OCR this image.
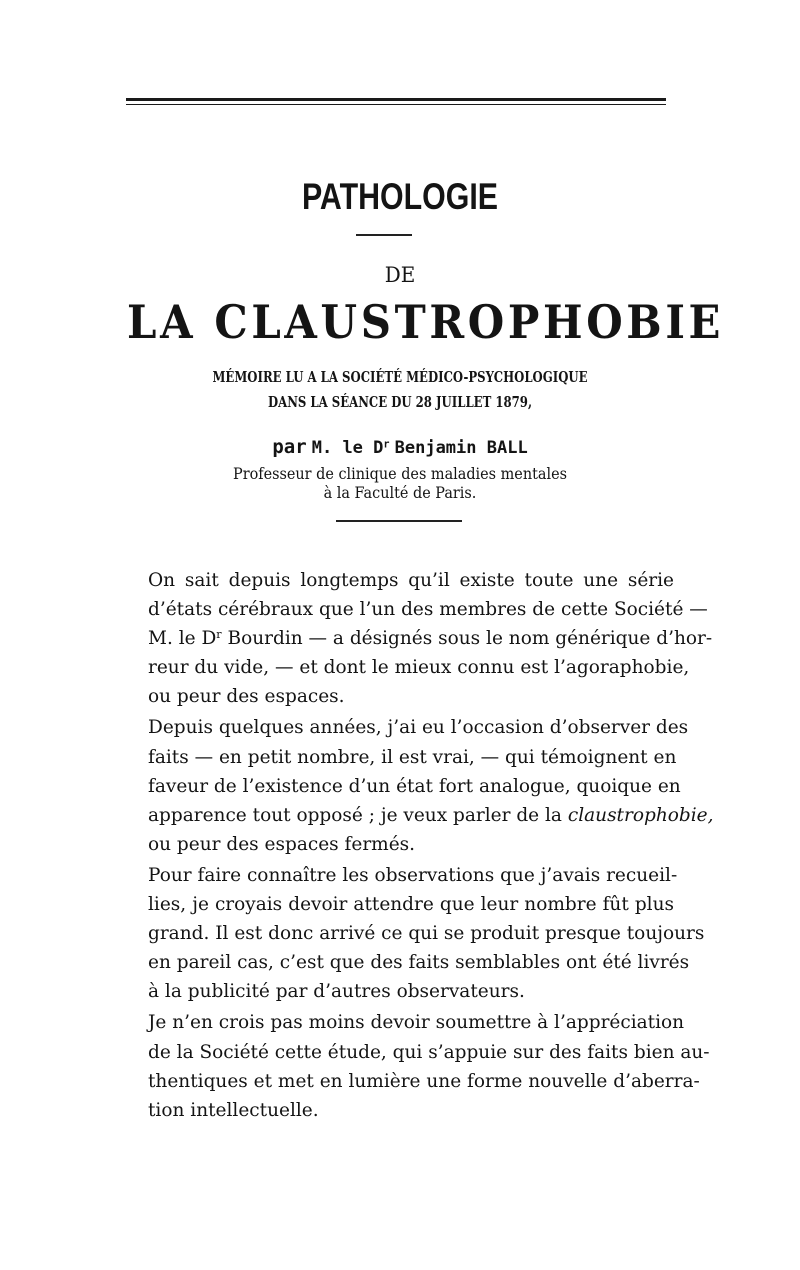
PATHOLOGIE
DE
LA CLAUSTROPHOBIE
MÉMOIRE LU A LA SOCIÉTÉ MÉDICO-PSYCHOLOGIQUE
DANS LA SÉANCE DU 28 JUILLET 1879,
par M. le $D^r$ Benjamin BALL
Professeur de clinique des maladies mentales
à la Faculté de Paris.

On sait depuis longtemps qu’il existe toute une série
d’états cérébraux que l’un des membres de cette Société —
M. le $D^r$ Bourdin — a désignés sous le nom générique d’hor-
reur du vide, — et dont le mieux connu est l’agoraphobie,
ou peur des espaces.

Depuis quelques années, j’ai eu l’occasion d’observer des
faits — en petit nombre, il est vrai, — qui témoignent en
faveur de l’existence d’un état fort analogue, quoique en
apparence tout opposé ; je veux parler de la claustrophobie,
ou peur des espaces fermés.

Pour faire connaître les observations que j’avais recueil-
lies, je croyais devoir attendre que leur nombre fût plus
grand. Il est donc arrivé ce qui se produit presque toujours
en pareil cas, c’est que des faits semblables ont été livrés
à la publicité par d’autres observateurs.

Je n’en crois pas moins devoir soumettre à l’appréciation
de la Société cette étude, qui s’appuie sur des faits bien au-
thentiques et met en lumière une forme nouvelle d’aberra-
tion intellectuelle.
